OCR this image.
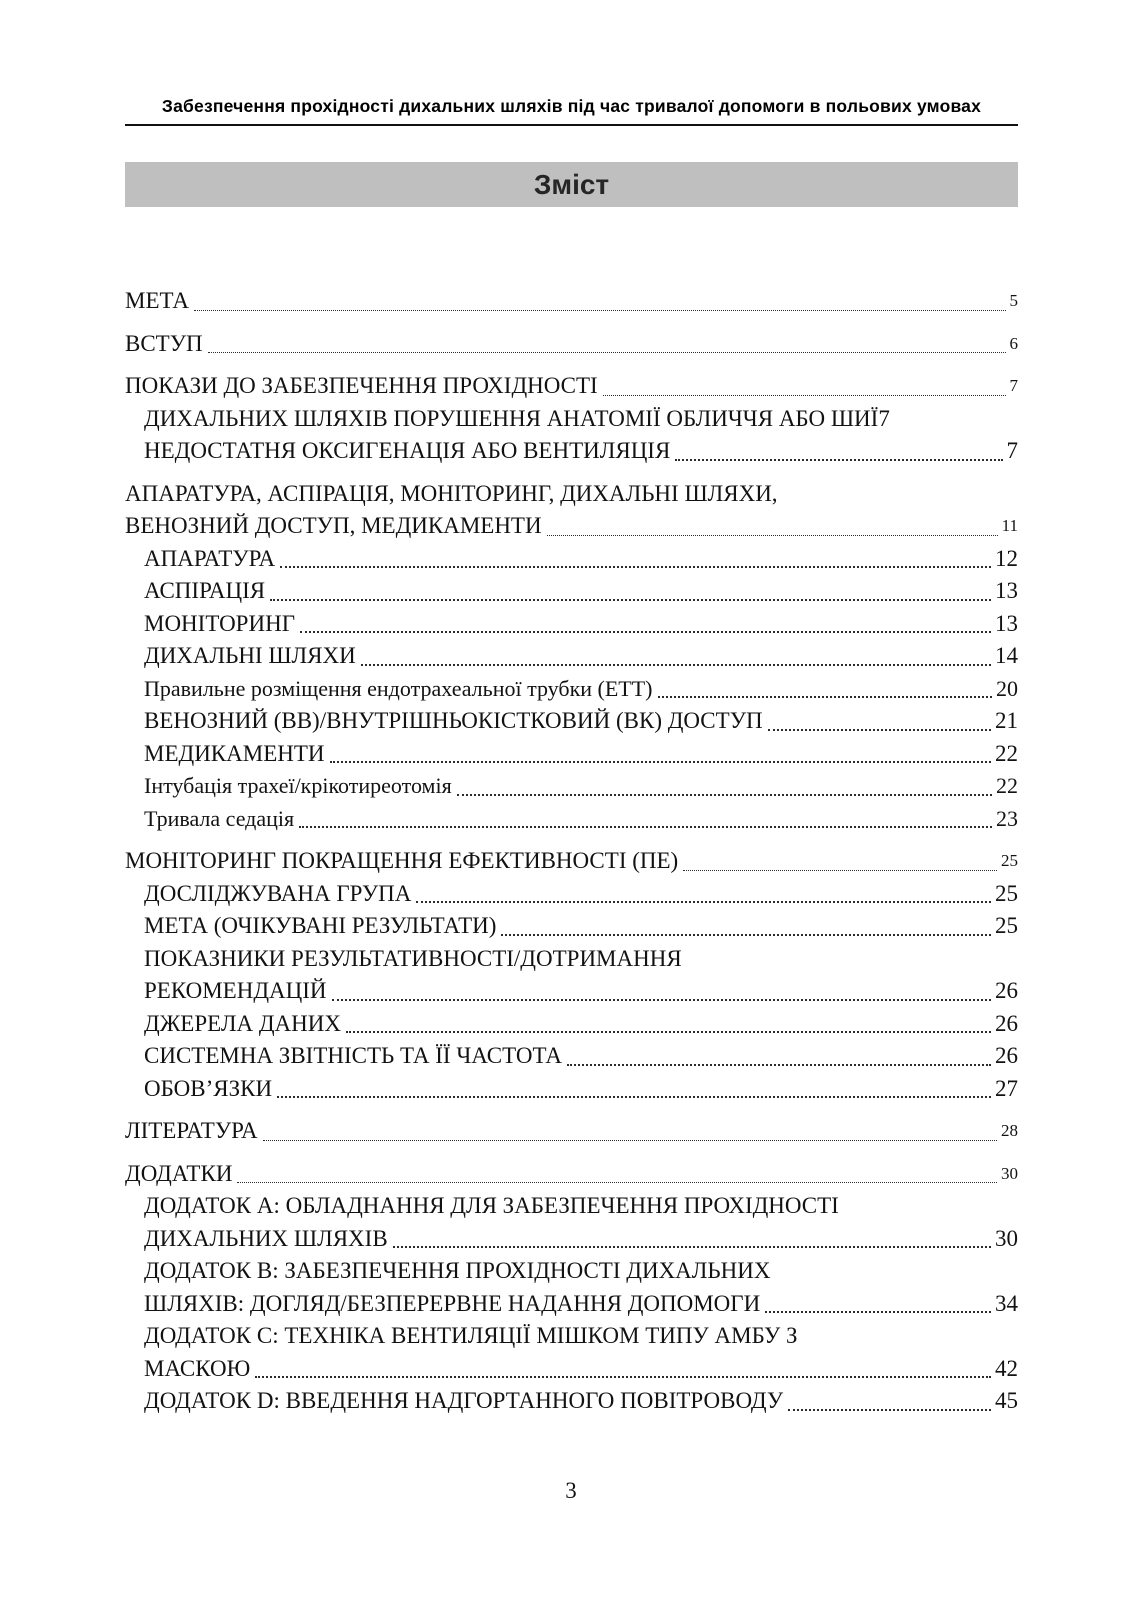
Забезпечення прохідності дихальних шляхів під час тривалої допомоги в польових умовах
Зміст
МЕТА	5
ВСТУП	6
ПОКАЗИ ДО ЗАБЕЗПЕЧЕННЯ ПРОХІДНОСТІ	7
ДИХАЛЬНИХ ШЛЯХІВ ПОРУШЕННЯ АНАТОМІЇ ОБЛИЧЧЯ АБО ШИЇ 7
НЕДОСТАТНЯ ОКСИГЕНАЦІЯ АБО ВЕНТИЛЯЦІЯ	7
АПАРАТУРА, АСПІРАЦІЯ, МОНІТОРИНГ, ДИХАЛЬНІ ШЛЯХИ,
ВЕНОЗНИЙ ДОСТУП, МЕДИКАМЕНТИ	11
АПАРАТУРА	12
АСПІРАЦІЯ	13
МОНІТОРИНГ	13
ДИХАЛЬНІ ШЛЯХИ	14
Правильне розміщення ендотрахеальної трубки (ЕТТ)	20
ВЕНОЗНИЙ (ВВ)/ВНУТРІШНЬОКІСТКОВИЙ (ВК) ДОСТУП	21
МЕДИКАМЕНТИ	22
Інтубація трахеї/крікотиреотомія	22
Тривала седація	23
МОНІТОРИНГ ПОКРАЩЕННЯ ЕФЕКТИВНОСТІ (ПЕ)	25
ДОСЛІДЖУВАНА ГРУПА	25
МЕТА (ОЧІКУВАНІ РЕЗУЛЬТАТИ)	25
ПОКАЗНИКИ РЕЗУЛЬТАТИВНОСТІ/ДОТРИМАННЯ
РЕКОМЕНДАЦІЙ	26
ДЖЕРЕЛА ДАНИХ	26
СИСТЕМНА ЗВІТНІСТЬ ТА ЇЇ ЧАСТОТА	26
ОБОВ’ЯЗКИ	27
ЛІТЕРАТУРА	28
ДОДАТКИ	30
ДОДАТОК A: ОБЛАДНАННЯ ДЛЯ ЗАБЕЗПЕЧЕННЯ ПРОХІДНОСТІ
ДИХАЛЬНИХ ШЛЯХІВ	30
ДОДАТОК B: ЗАБЕЗПЕЧЕННЯ ПРОХІДНОСТІ ДИХАЛЬНИХ
ШЛЯХІВ: ДОГЛЯД/БЕЗПЕРЕРВНЕ НАДАННЯ ДОПОМОГИ	34
ДОДАТОК C: ТЕХНІКА ВЕНТИЛЯЦІЇ МІШКОМ ТИПУ АМБУ З
МАСКОЮ	42
ДОДАТОК D: ВВЕДЕННЯ НАДГОРТАННОГО ПОВІТРОВОДУ	45
3
